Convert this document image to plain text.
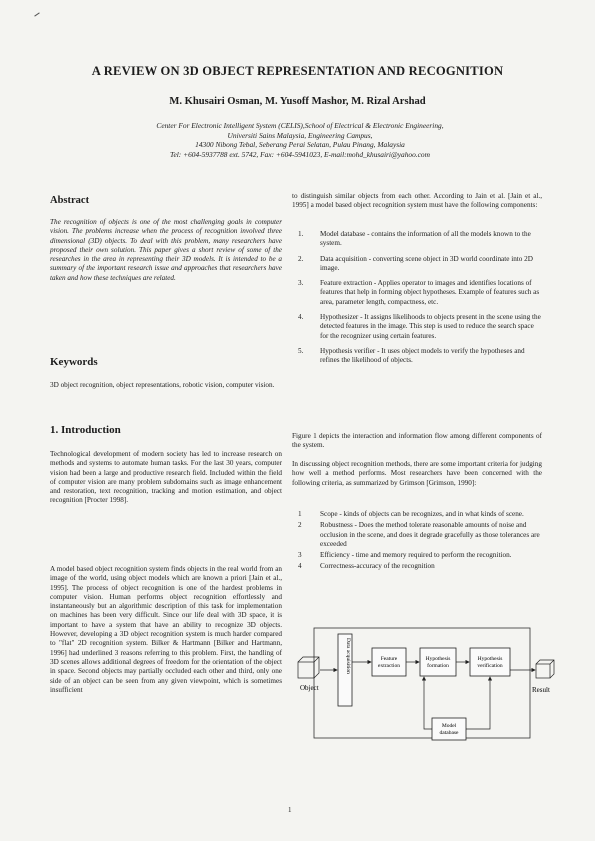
A REVIEW ON 3D OBJECT REPRESENTATION AND RECOGNITION
M. Khusairi Osman, M. Yusoff Mashor, M. Rizal Arshad
Center For Electronic Intelligent System (CELIS),School of Electrical & Electronic Engineering,
Universiti Sains Malaysia, Engineering Campus,
14300 Nibong Tebal, Seberang Perai Selatan, Pulau Pinang, Malaysia
Tel: +604-5937788 ext. 5742, Fax: +604-5941023, E-mail:mohd_khusairi@yahoo.com
Abstract
The recognition of objects is one of the most challenging goals in computer vision. The problems increase when the process of recognition involved three dimensional (3D) objects. To deal with this problem, many researchers have proposed their own solution. This paper gives a short review of some of the researches in the area in representing their 3D models. It is intended to be a summary of the important research issue and approaches that researchers have taken and how these techniques are related.
Keywords
3D object recognition, object representations, robotic vision, computer vision.
1. Introduction
Technological development of modern society has led to increase research on methods and systems to automate human tasks. For the last 30 years, computer vision had been a large and productive research field. Included within the field of computer vision are many problem subdomains such as image enhancement and restoration, text recognition, tracking and motion estimation, and object recognition [Procter 1998].
A model based object recognition system finds objects in the real world from an image of the world, using object models which are known a priori [Jain et al., 1995]. The process of object recognition is one of the hardest problems in computer vision. Human performs object recognition effortlessly and instantaneously but an algorithmic description of this task for implementation on machines has been very difficult. Since our life deal with 3D space, it is important to have a system that have an ability to recognize 3D objects. However, developing a 3D object recognition system is much harder compared to "flat" 2D recognition system. Bilker & Hartmann [Bilker and Hartmann, 1996] had underlined 3 reasons referring to this problem. First, the handling of 3D scenes allows additional degrees of freedom for the orientation of the object in space. Second objects may partially occluded each other and third, only one side of an object can be seen from any given viewpoint, which is sometimes insufficient
to distinguish similar objects from each other. According to Jain et al. [Jain et al., 1995] a model based object recognition system must have the following components:
1. Model database - contains the information of all the models known to the system.
2. Data acquisition - converting scene object in 3D world coordinate into 2D image.
3. Feature extraction - Applies operator to images and identifies locations of features that help in forming object hypotheses. Example of features such as area, parameter length, compactness, etc.
4. Hypothesizer - It assigns likelihoods to objects present in the scene using the detected features in the image. This step is used to reduce the search space for the recognizer using certain features.
5. Hypothesis verifier - It uses object models to verify the hypotheses and refines the likelihood of objects.
Figure 1 depicts the interaction and information flow among different components of the system.
In discussing object recognition methods, there are some important criteria for judging how well a method performs. Most researchers have been concerned with the following criteria, as summarized by Grimson [Grimson, 1990]:
1	Scope - kinds of objects can be recognizes, and in what kinds of scene.
2	Robustness - Does the method tolerate reasonable amounts of noise and occlusion in the scene, and does it degrade gracefully as those tolerances are exceeded
3	Efficiency - time and memory required to perform the recognition.
4	Correctness-accuracy of the recognition
Object
Data acquisition	Feature
extraction
Hypothesis
formation
Hypothesis
verification
Model
database
Result
1
